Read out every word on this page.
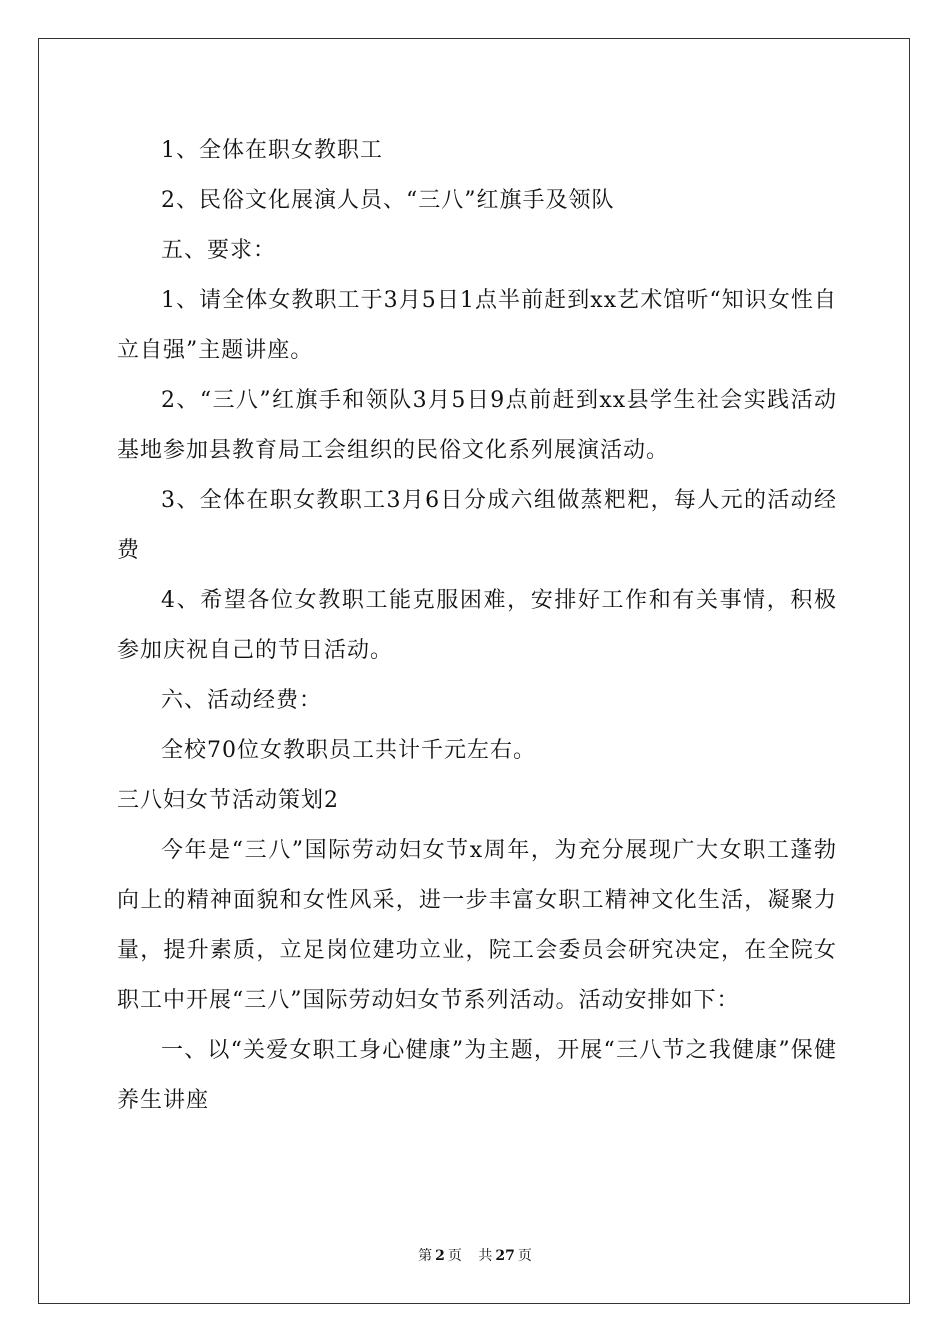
1、全体在职女教职工

2、民俗文化展演人员、“三八”红旗手及领队

五、要求：

1、请全体女教职工于3月5日1点半前赶到xx艺术馆听“知识女性自立自强”主题讲座。

2、“三八”红旗手和领队3月5日9点前赶到xx县学生社会实践活动基地参加县教育局工会组织的民俗文化系列展演活动。

3、全体在职女教职工3月6日分成六组做蒸粑粑，每人元的活动经费

4、希望各位女教职工能克服困难，安排好工作和有关事情，积极参加庆祝自己的节日活动。

六、活动经费：

全校70位女教职员工共计千元左右。

三八妇女节活动策划2

今年是“三八”国际劳动妇女节x周年，为充分展现广大女职工蓬勃向上的精神面貌和女性风采，进一步丰富女职工精神文化生活，凝聚力量，提升素质，立足岗位建功立业，院工会委员会研究决定，在全院女职工中开展“三八”国际劳动妇女节系列活动。活动安排如下：

一、以“关爱女职工身心健康”为主题，开展“三八节之我健康”保健养生讲座

第 2 页 共 27 页
